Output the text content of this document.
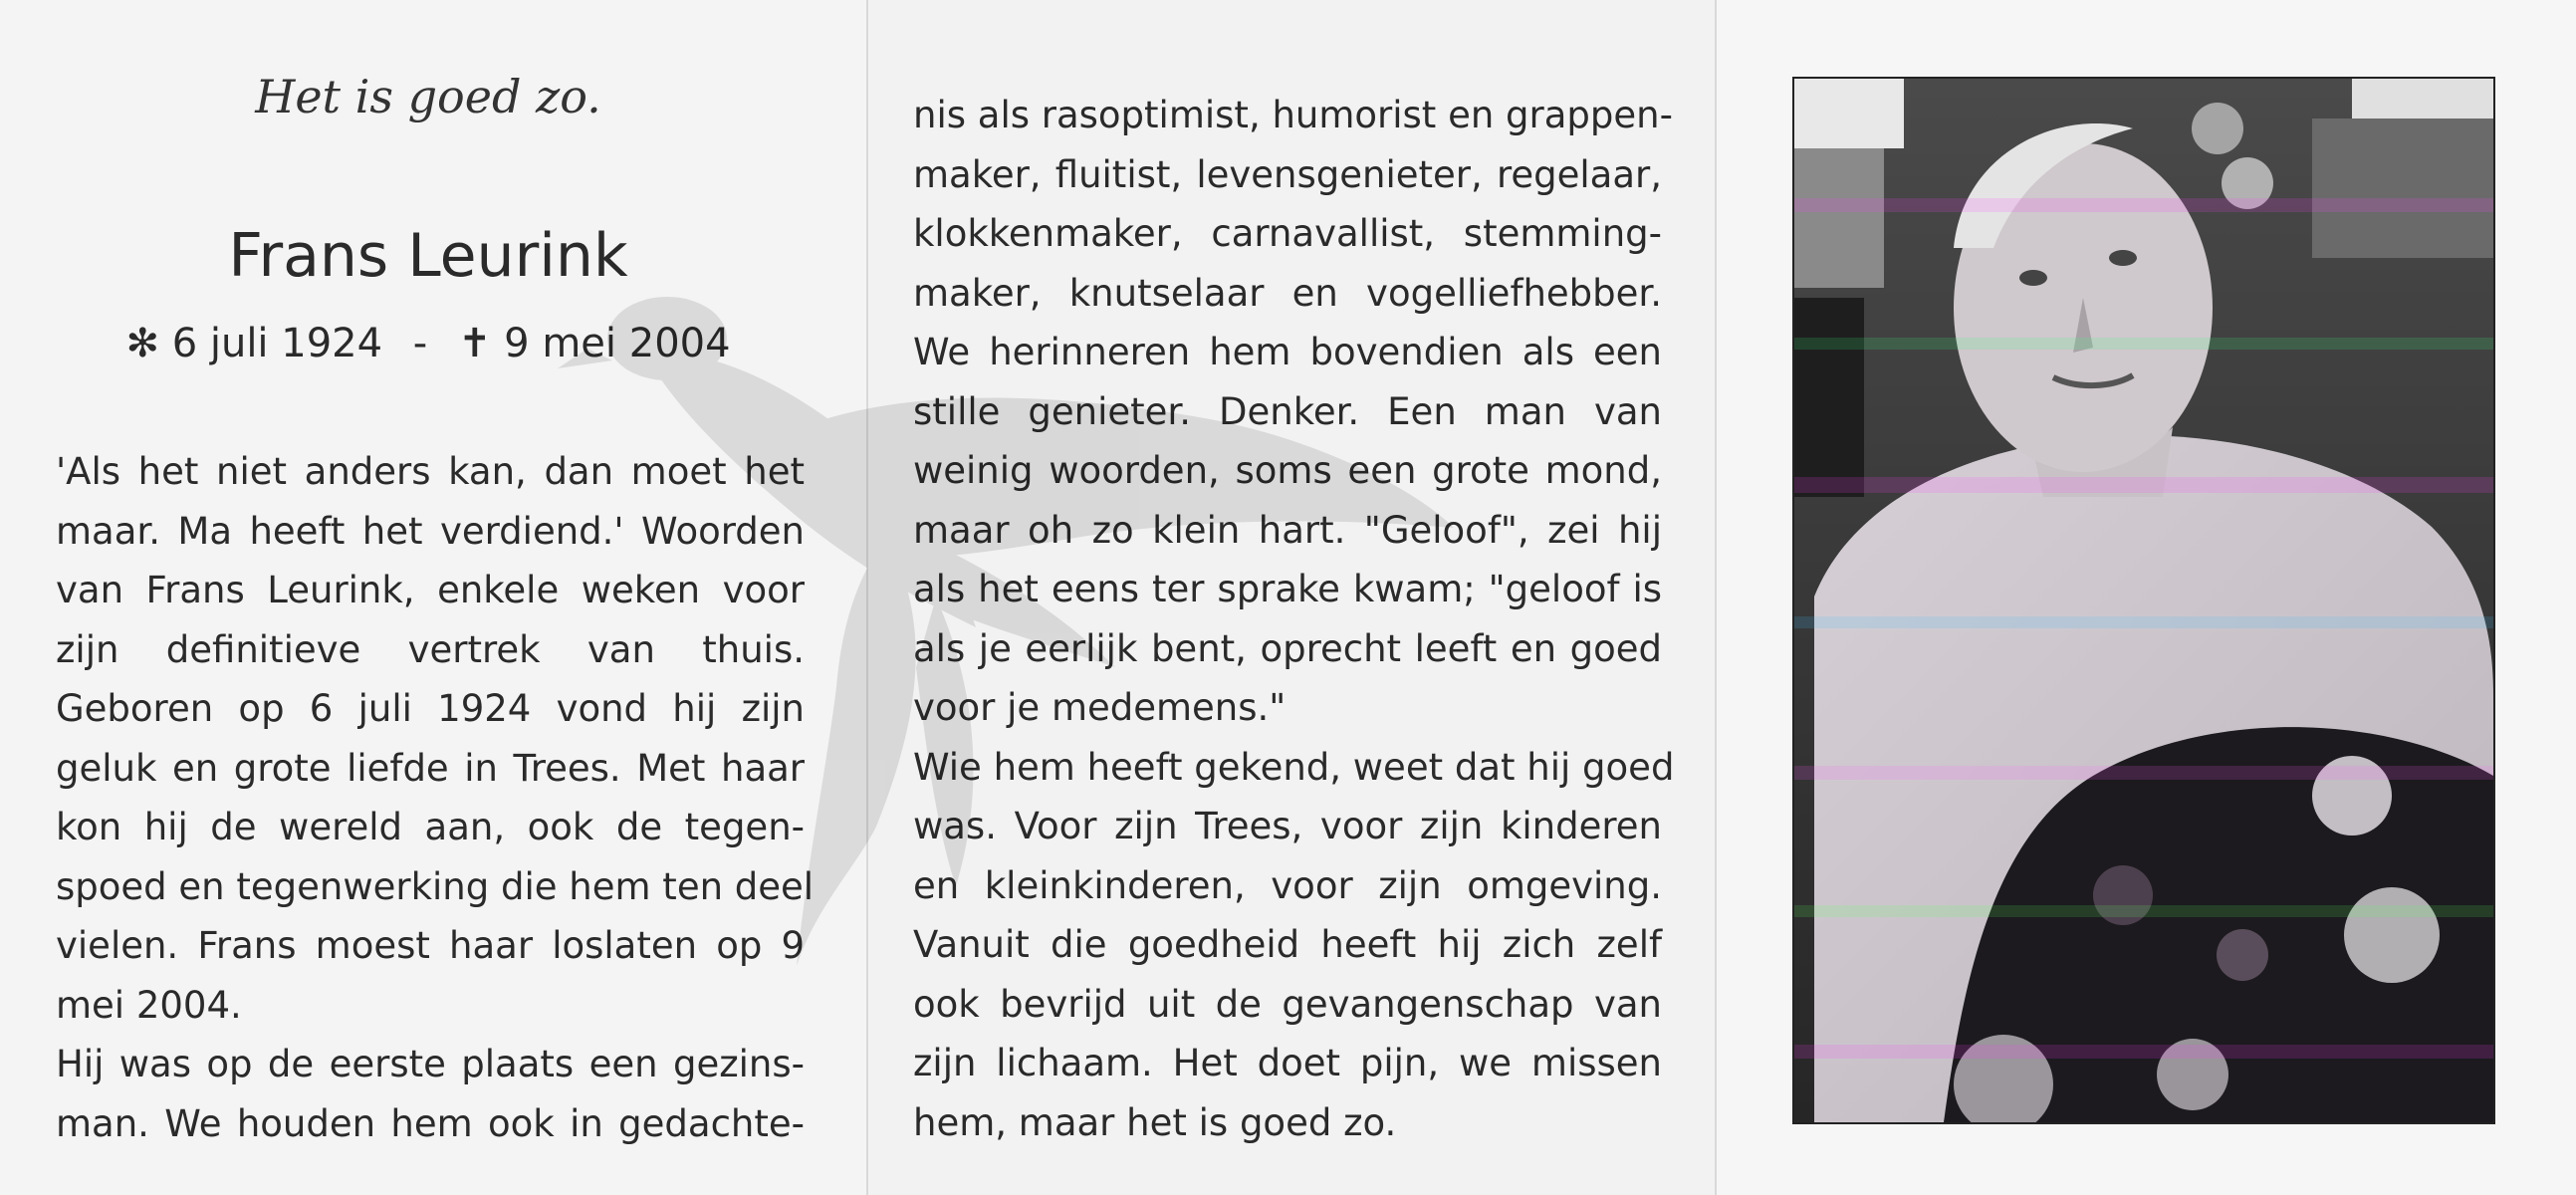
Het is goed zo.
Frans Leurink
✻ 6 juli 1924 - ✝ 9 mei 2004
'Als het niet anders kan, dan moet het
maar. Ma heeft het verdiend.' Woorden
van Frans Leurink, enkele weken voor
zijn definitieve vertrek van thuis.
Geboren op 6 juli 1924 vond hij zijn
geluk en grote liefde in Trees. Met haar
kon hij de wereld aan, ook de tegen-
spoed en tegenwerking die hem ten deel
vielen. Frans moest haar loslaten op 9
mei 2004.
Hij was op de eerste plaats een gezins-
man. We houden hem ook in gedachte-
nis als rasoptimist, humorist en grappen-
maker, fluitist, levensgenieter, regelaar,
klokkenmaker, carnavallist, stemming-
maker, knutselaar en vogelliefhebber.
We herinneren hem bovendien als een
stille genieter. Denker. Een man van
weinig woorden, soms een grote mond,
maar oh zo klein hart. "Geloof", zei hij
als het eens ter sprake kwam; "geloof is
als je eerlijk bent, oprecht leeft en goed
voor je medemens."
Wie hem heeft gekend, weet dat hij goed
was. Voor zijn Trees, voor zijn kinderen
en kleinkinderen, voor zijn omgeving.
Vanuit die goedheid heeft hij zich zelf
ook bevrijd uit de gevangenschap van
zijn lichaam. Het doet pijn, we missen
hem, maar het is goed zo.
